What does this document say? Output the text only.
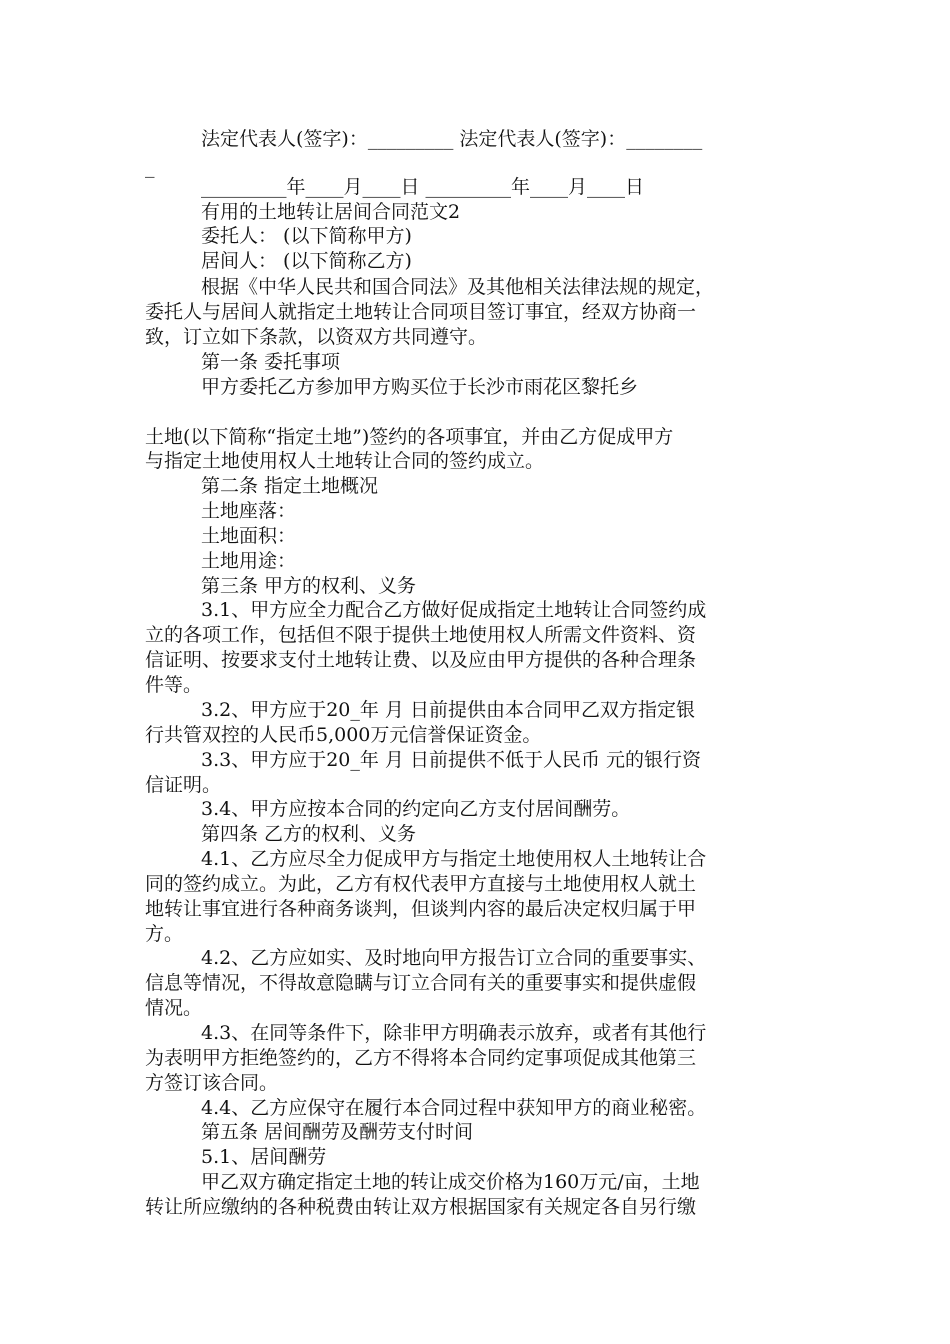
法定代表人(签字)：_________ 法定代表人(签字)：________
_
_________年____月____日 _________年____月____日
有用的土地转让居间合同范文2
委托人： (以下简称甲方)
居间人： (以下简称乙方)
根据《中华人民共和国合同法》及其他相关法律法规的规定，
委托人与居间人就指定土地转让合同项目签订事宜，经双方协商一
致，订立如下条款，以资双方共同遵守。
第一条 委托事项
甲方委托乙方参加甲方购买位于长沙市雨花区黎托乡
土地(以下简称“指定土地”)签约的各项事宜，并由乙方促成甲方
与指定土地使用权人土地转让合同的签约成立。
第二条 指定土地概况
土地座落：
土地面积：
土地用途：
第三条 甲方的权利、义务
3.1、甲方应全力配合乙方做好促成指定土地转让合同签约成
立的各项工作，包括但不限于提供土地使用权人所需文件资料、资
信证明、按要求支付土地转让费、以及应由甲方提供的各种合理条
件等。
3.2、甲方应于20_年 月 日前提供由本合同甲乙双方指定银
行共管双控的人民币5,000万元信誉保证资金。
3.3、甲方应于20_年 月 日前提供不低于人民币 元的银行资
信证明。
3.4、甲方应按本合同的约定向乙方支付居间酬劳。
第四条 乙方的权利、义务
4.1、乙方应尽全力促成甲方与指定土地使用权人土地转让合
同的签约成立。为此，乙方有权代表甲方直接与土地使用权人就土
地转让事宜进行各种商务谈判，但谈判内容的最后决定权归属于甲
方。
4.2、乙方应如实、及时地向甲方报告订立合同的重要事实、
信息等情况，不得故意隐瞒与订立合同有关的重要事实和提供虚假
情况。
4.3、在同等条件下，除非甲方明确表示放弃，或者有其他行
为表明甲方拒绝签约的，乙方不得将本合同约定事项促成其他第三
方签订该合同。
4.4、乙方应保守在履行本合同过程中获知甲方的商业秘密。
第五条 居间酬劳及酬劳支付时间
5.1、居间酬劳
甲乙双方确定指定土地的转让成交价格为160万元/亩，土地
转让所应缴纳的各种税费由转让双方根据国家有关规定各自另行缴
